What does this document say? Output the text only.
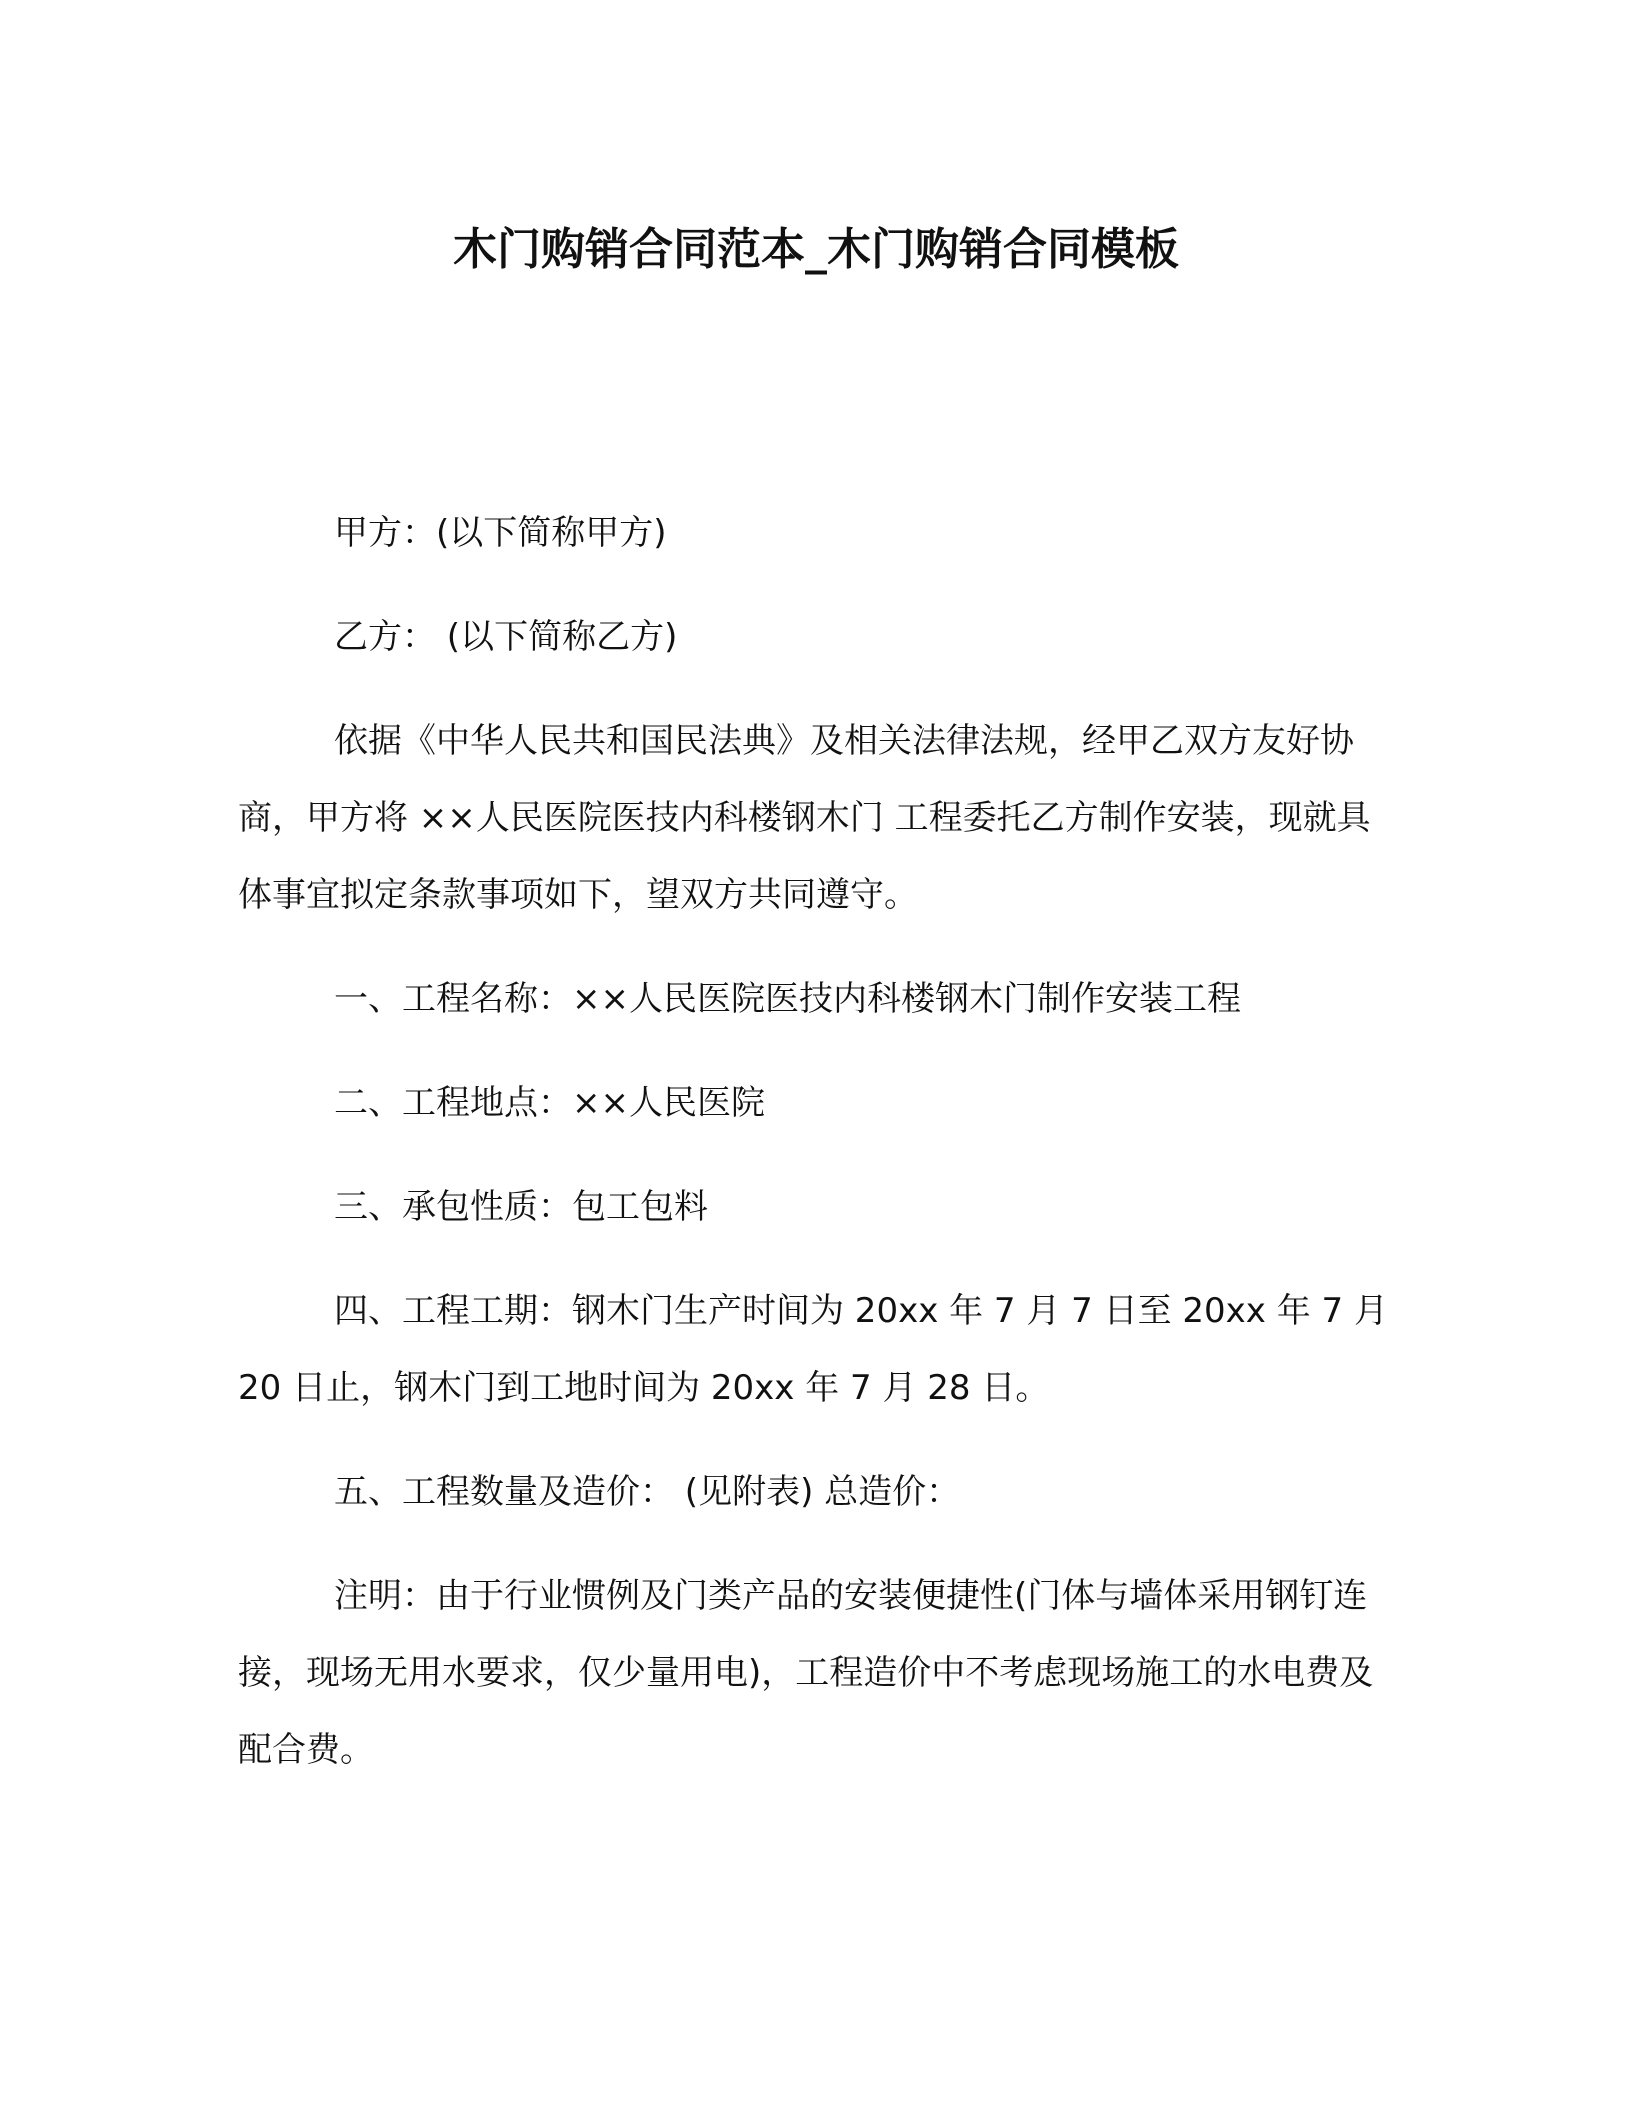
木门购销合同范本_木门购销合同模板

甲方：(以下简称甲方)

乙方： (以下简称乙方)

依据《中华人民共和国民法典》及相关法律法规，经甲乙双方友好协商，甲方将 ××人民医院医技内科楼钢木门 工程委托乙方制作安装，现就具体事宜拟定条款事项如下，望双方共同遵守。

一、工程名称：××人民医院医技内科楼钢木门制作安装工程

二、工程地点：××人民医院

三、承包性质：包工包料

四、工程工期：钢木门生产时间为 20xx 年 7 月 7 日至 20xx 年 7 月 20 日止，钢木门到工地时间为 20xx 年 7 月 28 日。

五、工程数量及造价： (见附表) 总造价：

注明：由于行业惯例及门类产品的安装便捷性(门体与墙体采用钢钉连接，现场无用水要求，仅少量用电)，工程造价中不考虑现场施工的水电费及配合费。
